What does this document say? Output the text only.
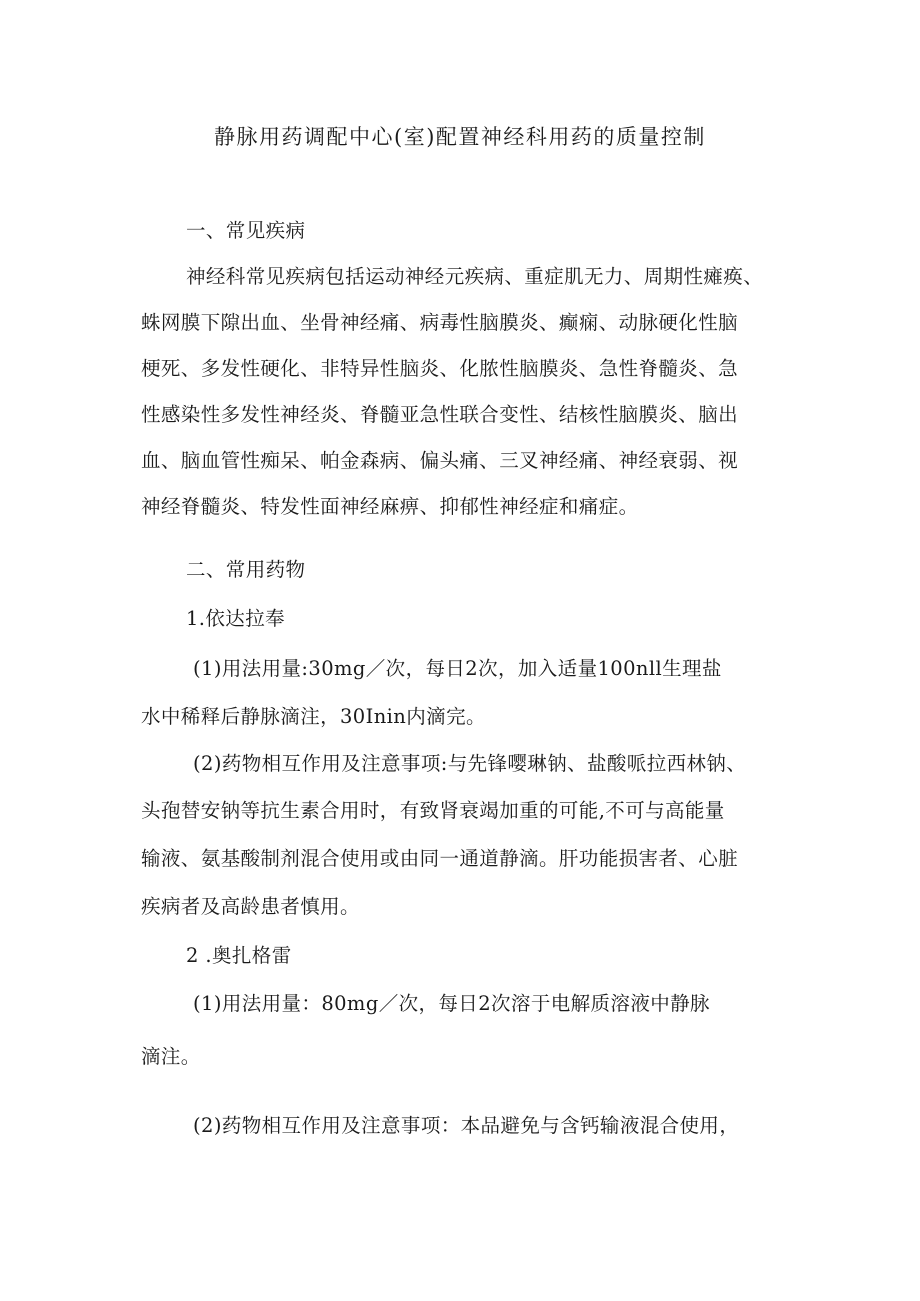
静脉用药调配中心(室)配置神经科用药的质量控制
一、常见疾病
神经科常见疾病包括运动神经元疾病、重症肌无力、周期性瘫痪、
蛛网膜下隙出血、坐骨神经痛、病毒性脑膜炎、癫痫、动脉硬化性脑
梗死、多发性硬化、非特异性脑炎、化脓性脑膜炎、急性脊髓炎、急
性感染性多发性神经炎、脊髓亚急性联合变性、结核性脑膜炎、脑出
血、脑血管性痴呆、帕金森病、偏头痛、三叉神经痛、神经衰弱、视
神经脊髓炎、特发性面神经麻痹、抑郁性神经症和痛症。
二、常用药物
1.依达拉奉
(1)用法用量:30mg／次，每日2次，加入适量100nll生理盐
水中稀释后静脉滴注，30Inin内滴完。
(2)药物相互作用及注意事项:与先锋嘤琳钠、盐酸哌拉西林钠、
头孢替安钠等抗生素合用时，有致肾衰竭加重的可能,不可与高能量
输液、氨基酸制剂混合使用或由同一通道静滴。肝功能损害者、心脏
疾病者及高龄患者慎用。
2 .奥扎格雷
(1)用法用量：80mg／次，每日2次溶于电解质溶液中静脉
滴注。
(2)药物相互作用及注意事项：本品避免与含钙输液混合使用，
